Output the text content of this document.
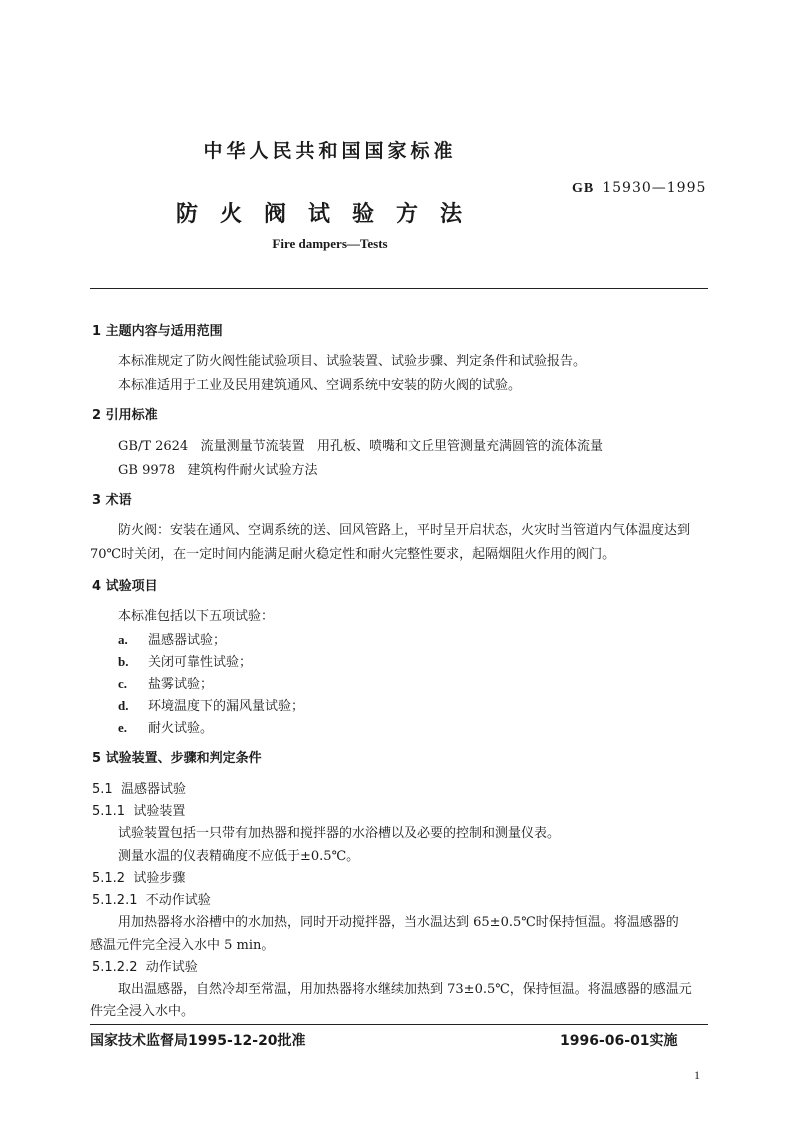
中华人民共和国国家标准
GB 15930—1995
防火阀试验方法
Fire dampers—Tests
1 主题内容与适用范围
本标准规定了防火阀性能试验项目、试验装置、试验步骤、判定条件和试验报告。
本标准适用于工业及民用建筑通风、空调系统中安装的防火阀的试验。
2 引用标准
GB/T 2624   流量测量节流装置   用孔板、喷嘴和文丘里管测量充满圆管的流体流量
GB 9978   建筑构件耐火试验方法
3 术语
防火阀：安装在通风、空调系统的送、回风管路上，平时呈开启状态，火灾时当管道内气体温度达到
70℃时关闭，在一定时间内能满足耐火稳定性和耐火完整性要求，起隔烟阻火作用的阀门。
4 试验项目
本标准包括以下五项试验：
a. 温感器试验；
b. 关闭可靠性试验；
c. 盐雾试验；
d. 环境温度下的漏风量试验；
e. 耐火试验。
5 试验装置、步骤和判定条件
5.1  温感器试验
5.1.1  试验装置
试验装置包括一只带有加热器和搅拌器的水浴槽以及必要的控制和测量仪表。
测量水温的仪表精确度不应低于±0.5℃。
5.1.2  试验步骤
5.1.2.1  不动作试验
用加热器将水浴槽中的水加热，同时开动搅拌器，当水温达到 65±0.5℃时保持恒温。将温感器的
感温元件完全浸入水中 5 min。
5.1.2.2  动作试验
取出温感器，自然冷却至常温，用加热器将水继续加热到 73±0.5℃，保持恒温。将温感器的感温元
件完全浸入水中。
国家技术监督局1995-12-20批准	1996-06-01实施
1
